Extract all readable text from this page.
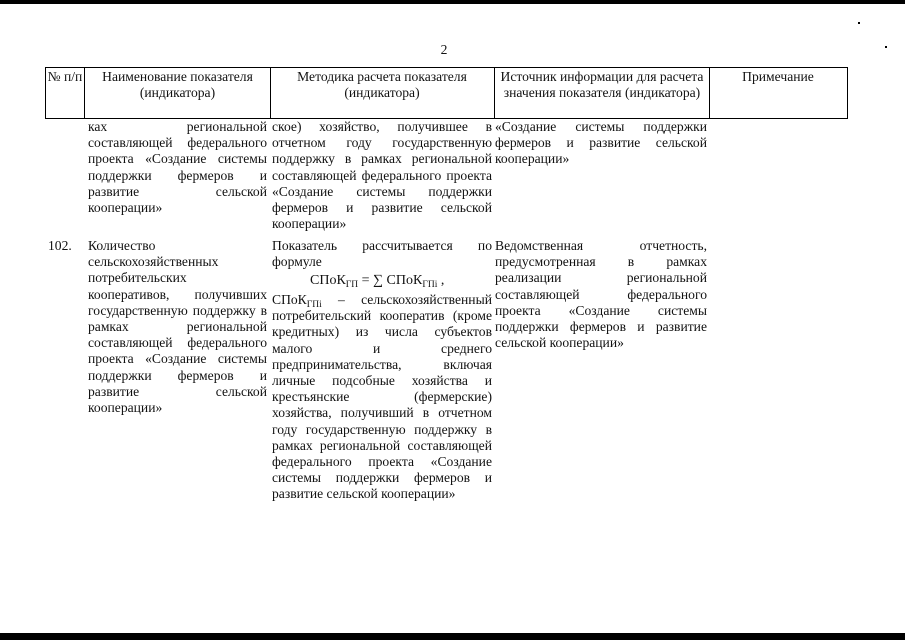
2
№ п/п	Наименование показателя (индикатора)
Методика расчета показателя (индикатора)
Источник информации для расчета значения показателя (индикатора)
Примечание
ках региональной составляющей федерального проекта «Создание системы поддержки фермеров и развитие сельской кооперации»
ское) хозяйство, получившее в отчетном году государственную поддержку в рамках региональной составляющей федерального проекта «Создание системы поддержки фермеров и развитие сельской кооперации»
«Создание системы поддержки фермеров и развитие сельской кооперации»
102.	Количество сельскохозяйственных потребительских кооперативов, получивших государственную поддержку в рамках региональной составляющей федерального проекта «Создание системы поддержки фермеров и развитие сельской кооперации»
Показатель рассчитывается по формуле
СПоК$_{ГП}$ = ∑ СПоК$_{ГПi}$ ,
СПоК$_{ГПi}$ – сельскохозяйственный потребительский кооператив (кроме кредитных) из числа субъектов малого и среднего предпринимательства, включая личные подсобные хозяйства и крестьянские (фермерские) хозяйства, получивший в отчетном году государственную поддержку в рамках региональной составляющей федерального проекта «Создание системы поддержки фермеров и развитие сельской кооперации»
Ведомственная отчетность, предусмотренная в рамках реализации региональной составляющей федерального проекта «Создание системы поддержки фермеров и развитие сельской кооперации»
